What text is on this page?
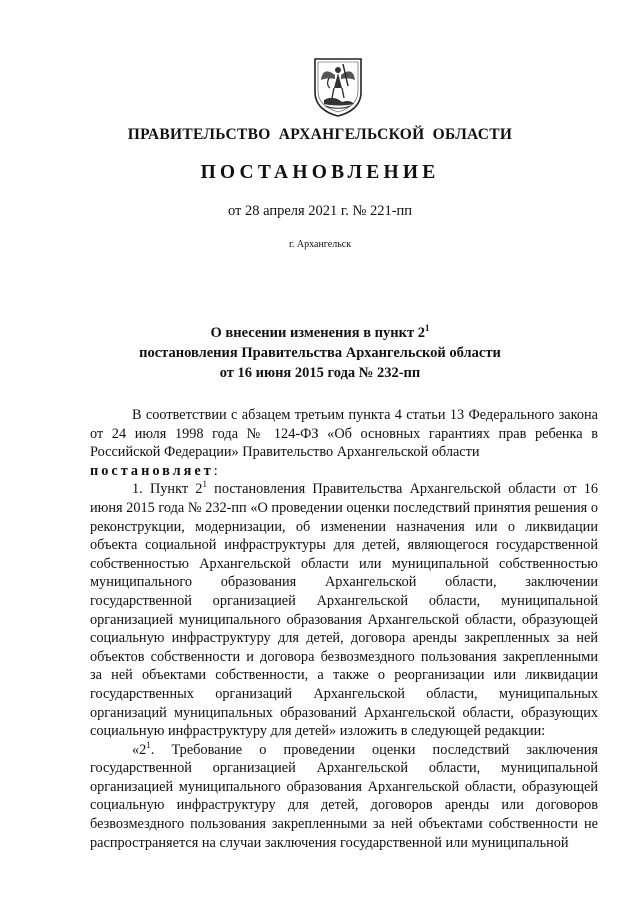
ПРАВИТЕЛЬСТВО АРХАНГЕЛЬСКОЙ ОБЛАСТИ
ПОСТАНОВЛЕНИЕ
от 28 апреля 2021 г. № 221-пп
г. Архангельск
О внесении изменения в пункт $2^1$
постановления Правительства Архангельской области
от 16 июня 2015 года № 232-пп

В соответствии с абзацем третьим пункта 4 статьи 13 Федерального закона от 24 июля 1998 года № 124-ФЗ «Об основных гарантиях прав ребенка в Российской Федерации» Правительство Архангельской области

постановляет:

1. Пункт $2^1$ постановления Правительства Архангельской области от 16 июня 2015 года № 232-пп «О проведении оценки последствий принятия решения о реконструкции, модернизации, об изменении назначения или о ликвидации объекта социальной инфраструктуры для детей, являющегося государственной собственностью Архангельской области или муниципальной собственностью муниципального образования Архангельской области, заключении государственной организацией Архангельской области, муниципальной организацией муниципального образования Архангельской области, образующей социальную инфраструктуру для детей, договора аренды закрепленных за ней объектов собственности и договора безвозмездного пользования закрепленными за ней объектами собственности, а также о реорганизации или ликвидации государственных организаций Архангельской области, муниципальных организаций муниципальных образований Архангельской области, образующих социальную инфраструктуру для детей» изложить в следующей редакции:

«$2^1$. Требование о проведении оценки последствий заключения государственной организацией Архангельской области, муниципальной организацией муниципального образования Архангельской области, образующей социальную инфраструктуру для детей, договоров аренды или договоров безвозмездного пользования закрепленными за ней объектами собственности не распространяется на случаи заключения государственной или муниципальной
